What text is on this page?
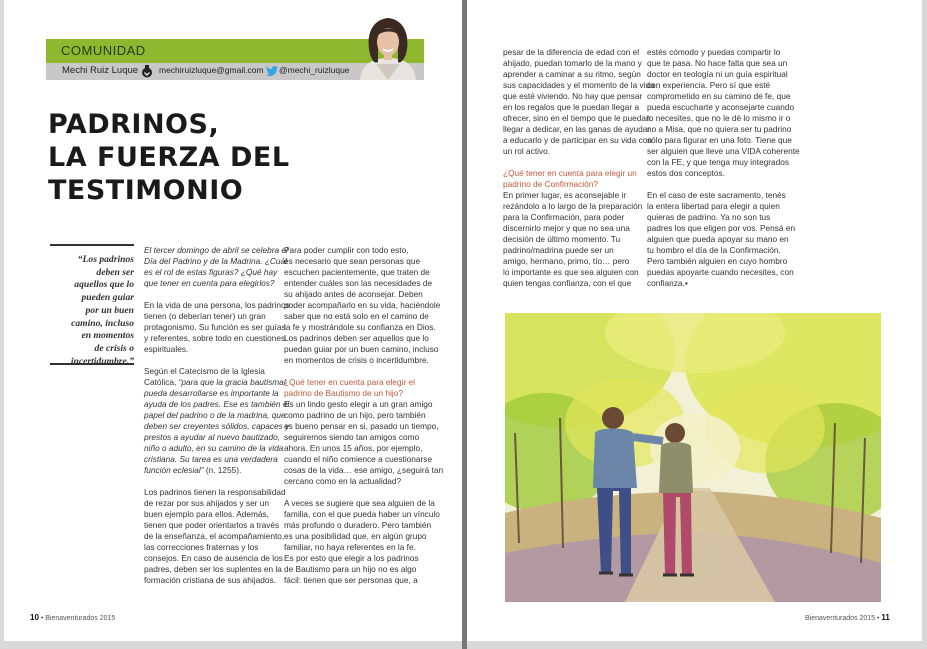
COMUNIDAD
Mechi Ruiz Luque mechiruizluque@gmail.com @mechi_ruizluque
PADRINOS,
LA FUERZA DEL
TESTIMONIO
“Los padrinos
deben ser
aquellos que lo
pueden guiar
por un buen
camino, incluso
en momentos
de crisis o
incertidumbre.”

El tercer domingo de abril se celebra el
Día del Padrino y de la Madrina. ¿Cuál
es el rol de estas figuras? ¿Qué hay
que tener en cuenta para elegirlos?

En la vida de una persona, los padrinos
tienen (o deberían tener) un gran
protagonismo. Su función es ser guías
y referentes, sobre todo en cuestiones
espirituales.

Según el Catecismo de la Iglesia
Católica, “para que la gracia bautismal
pueda desarrollarse es importante la
ayuda de los padres. Ese es también el
papel del padrino o de la madrina, que
deben ser creyentes sólidos, capaces y
prestos a ayudar al nuevo bautizado,
niño o adulto, en su camino de la vida
cristiana. Su tarea es una verdadera
función eclesial” (n. 1255).

Los padrinos tienen la responsabilidad
de rezar por sus ahijados y ser un
buen ejemplo para ellos. Además,
tienen que poder orientarlos a través
de la enseñanza, el acompañamiento,
las correcciones fraternas y los
consejos. En caso de ausencia de los
padres, deben ser los suplentes en la
formación cristiana de sus ahijados.

Para poder cumplir con todo esto,
es necesario que sean personas que
escuchen pacientemente, que traten de
entender cuáles son las necesidades de
su ahijado antes de aconsejar. Deben
poder acompañarlo en su vida, haciéndole
saber que no está solo en el camino de
la fe y mostrándole su confianza en Dios.
Los padrinos deben ser aquellos que lo
puedan guiar por un buen camino, incluso
en momentos de crisis o incertidumbre.

¿Qué tener en cuenta para elegir el
padrino de Bautismo de un hijo?

Es un lindo gesto elegir a un gran amigo
como padrino de un hijo, pero también
es bueno pensar en si, pasado un tiempo,
seguiremos siendo tan amigos como
ahora. En unos 15 años, por ejemplo,
cuando el niño comience a cuestionarse
cosas de la vida… ese amigo, ¿seguirá tan
cercano como en la actualidad?

A veces se sugiere que sea alguien de la
familia, con el que pueda haber un vínculo
más profundo o duradero. Pero también
es una posibilidad que, en algún grupo
familiar, no haya referentes en la fe.
Es por esto que elegir a los padrinos
de Bautismo para un hijo no es algo
fácil: tienen que ser personas que, a

10 • Bienaventurados 2015

pesar de la diferencia de edad con el
ahijado, puedan tomarlo de la mano y
aprender a caminar a su ritmo, según
sus capacidades y el momento de la vida
que esté viviendo. No hay que pensar
en los regalos que le puedan llegar a
ofrecer, sino en el tiempo que le puedan
llegar a dedicar, en las ganas de ayudar
a educarlo y de participar en su vida con
un rol activo.

¿Qué tener en cuenta para elegir un
padrino de Confirmación?

En primer lugar, es aconsejable ir
rezándolo a lo largo de la preparación
para la Confirmación, para poder
discernirlo mejor y que no sea una
decisión de último momento. Tu
padrino/madrina puede ser un
amigo, hermano, primo, tío… pero
lo importante es que sea alguien con
quien tengas confianza, con el que

estés cómodo y puedas compartir lo
que te pasa. No hace falta que sea un
doctor en teología ni un guía espiritual
con experiencia. Pero sí que esté
comprometido en su camino de fe, que
pueda escucharte y aconsejarte cuando
lo necesites, que no le dé lo mismo ir o
no a Misa, que no quiera ser tu padrino
sólo para figurar en una foto. Tiene que
ser alguien que lleve una VIDA coherente
con la FE, y que tenga muy integrados
estos dos conceptos.

En el caso de este sacramento, tenés
la entera libertad para elegir a quien
quieras de padrino. Ya no son tus
padres los que eligen por vos. Pensá en
alguien que pueda apoyar su mano en
tu hombro el día de la Confirmación.
Pero también alguien en cuyo hombro
puedas apoyarte cuando necesites, con
confianza.▪

Bienaventurados 2015 • 11
